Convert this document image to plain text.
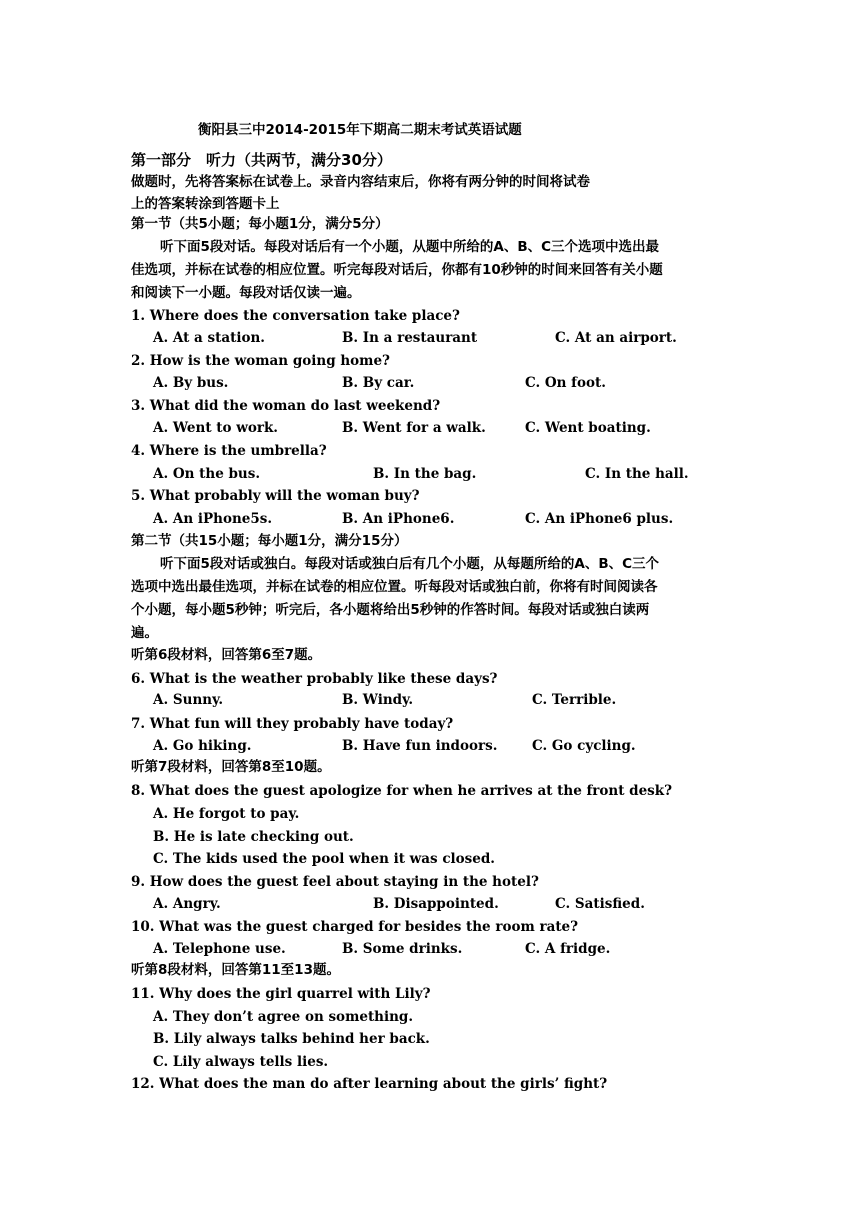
衡阳县三中2014-2015年下期高二期末考试英语试题
第一部分　听力（共两节，满分30分）
做题时，先将答案标在试卷上。录音内容结束后，你将有两分钟的时间将试卷
上的答案转涂到答题卡上
第一节（共5小题；每小题1分，满分5分）
听下面5段对话。每段对话后有一个小题，从题中所给的A、B、C三个选项中选出最
佳选项，并标在试卷的相应位置。听完每段对话后，你都有10秒钟的时间来回答有关小题
和阅读下一小题。每段对话仅读一遍。
1. Where does the conversation take place?
A. At a station.	B. In a restaurant	C. At an airport.
2. How is the woman going home?
A. By bus.	B. By car.	C. On foot.
3. What did the woman do last weekend?
A. Went to work.	B. Went for a walk.	C. Went boating.
4. Where is the umbrella?
A. On the bus.	B. In the bag.	C. In the hall.
5. What probably will the woman buy?
A. An iPhone5s.	B. An iPhone6.	C. An iPhone6 plus.
第二节（共15小题；每小题1分，满分15分）
听下面5段对话或独白。每段对话或独白后有几个小题，从每题所给的A、B、C三个
选项中选出最佳选项，并标在试卷的相应位置。听每段对话或独白前，你将有时间阅读各
个小题，每小题5秒钟；听完后，各小题将给出5秒钟的作答时间。每段对话或独白读两
遍。
听第6段材料，回答第6至7题。
6. What is the weather probably like these days?
A. Sunny.	B. Windy.	C. Terrible.
7. What fun will they probably have today?
A. Go hiking.	B. Have fun indoors.	C. Go cycling.
听第7段材料，回答第8至10题。
8. What does the guest apologize for when he arrives at the front desk?
A. He forgot to pay.
B. He is late checking out.
C. The kids used the pool when it was closed.
9. How does the guest feel about staying in the hotel?
A. Angry.	B. Disappointed.	C. Satisfied.
10. What was the guest charged for besides the room rate?
A. Telephone use.	B. Some drinks.	C. A fridge.
听第8段材料，回答第11至13题。
11. Why does the girl quarrel with Lily?
A. They don’t agree on something.
B. Lily always talks behind her back.
C. Lily always tells lies.
12. What does the man do after learning about the girls’ fight?
